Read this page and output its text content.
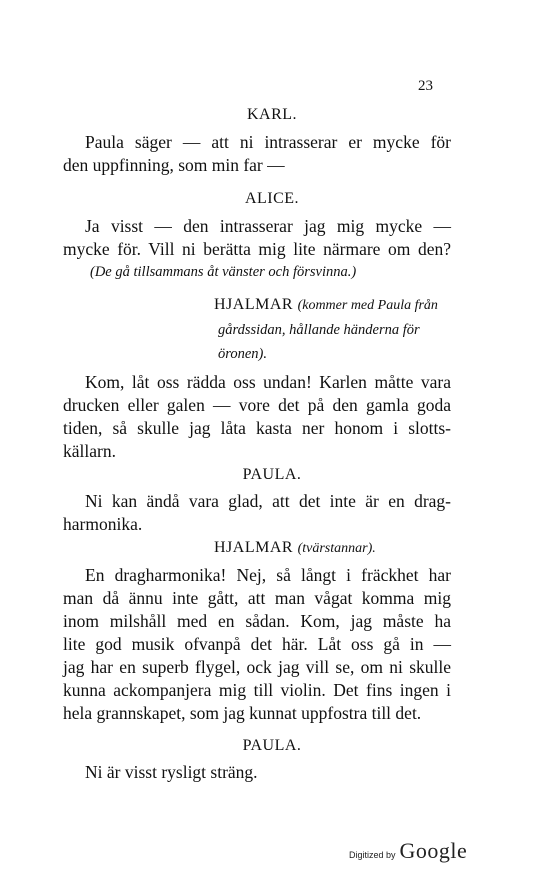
23
KARL.
Paula säger — att ni intrasserar er mycke för
den uppfinning, som min far —
ALICE.
Ja visst — den intrasserar jag mig mycke —
mycke för. Vill ni berätta mig lite närmare om den?
(De gå tillsammans åt vänster och försvinna.)
HJALMAR (kommer med Paula från
gårdssidan, hållande händerna för
öronen).
Kom, låt oss rädda oss undan! Karlen måtte vara
drucken eller galen — vore det på den gamla goda
tiden, så skulle jag låta kasta ner honom i slotts-
källarn.
PAULA.
Ni kan ändå vara glad, att det inte är en drag-
harmonika.
HJALMAR (tvärstannar).
En dragharmonika! Nej, så långt i fräckhet har
man då ännu inte gått, att man vågat komma mig
inom milshåll med en sådan. Kom, jag måste ha
lite god musik ofvanpå det här. Låt oss gå in —
jag har en superb flygel, ock jag vill se, om ni skulle
kunna ackompanjera mig till violin. Det fins ingen i
hela grannskapet, som jag kunnat uppfostra till det.
PAULA.
Ni är visst rysligt sträng.
Digitized by Google
